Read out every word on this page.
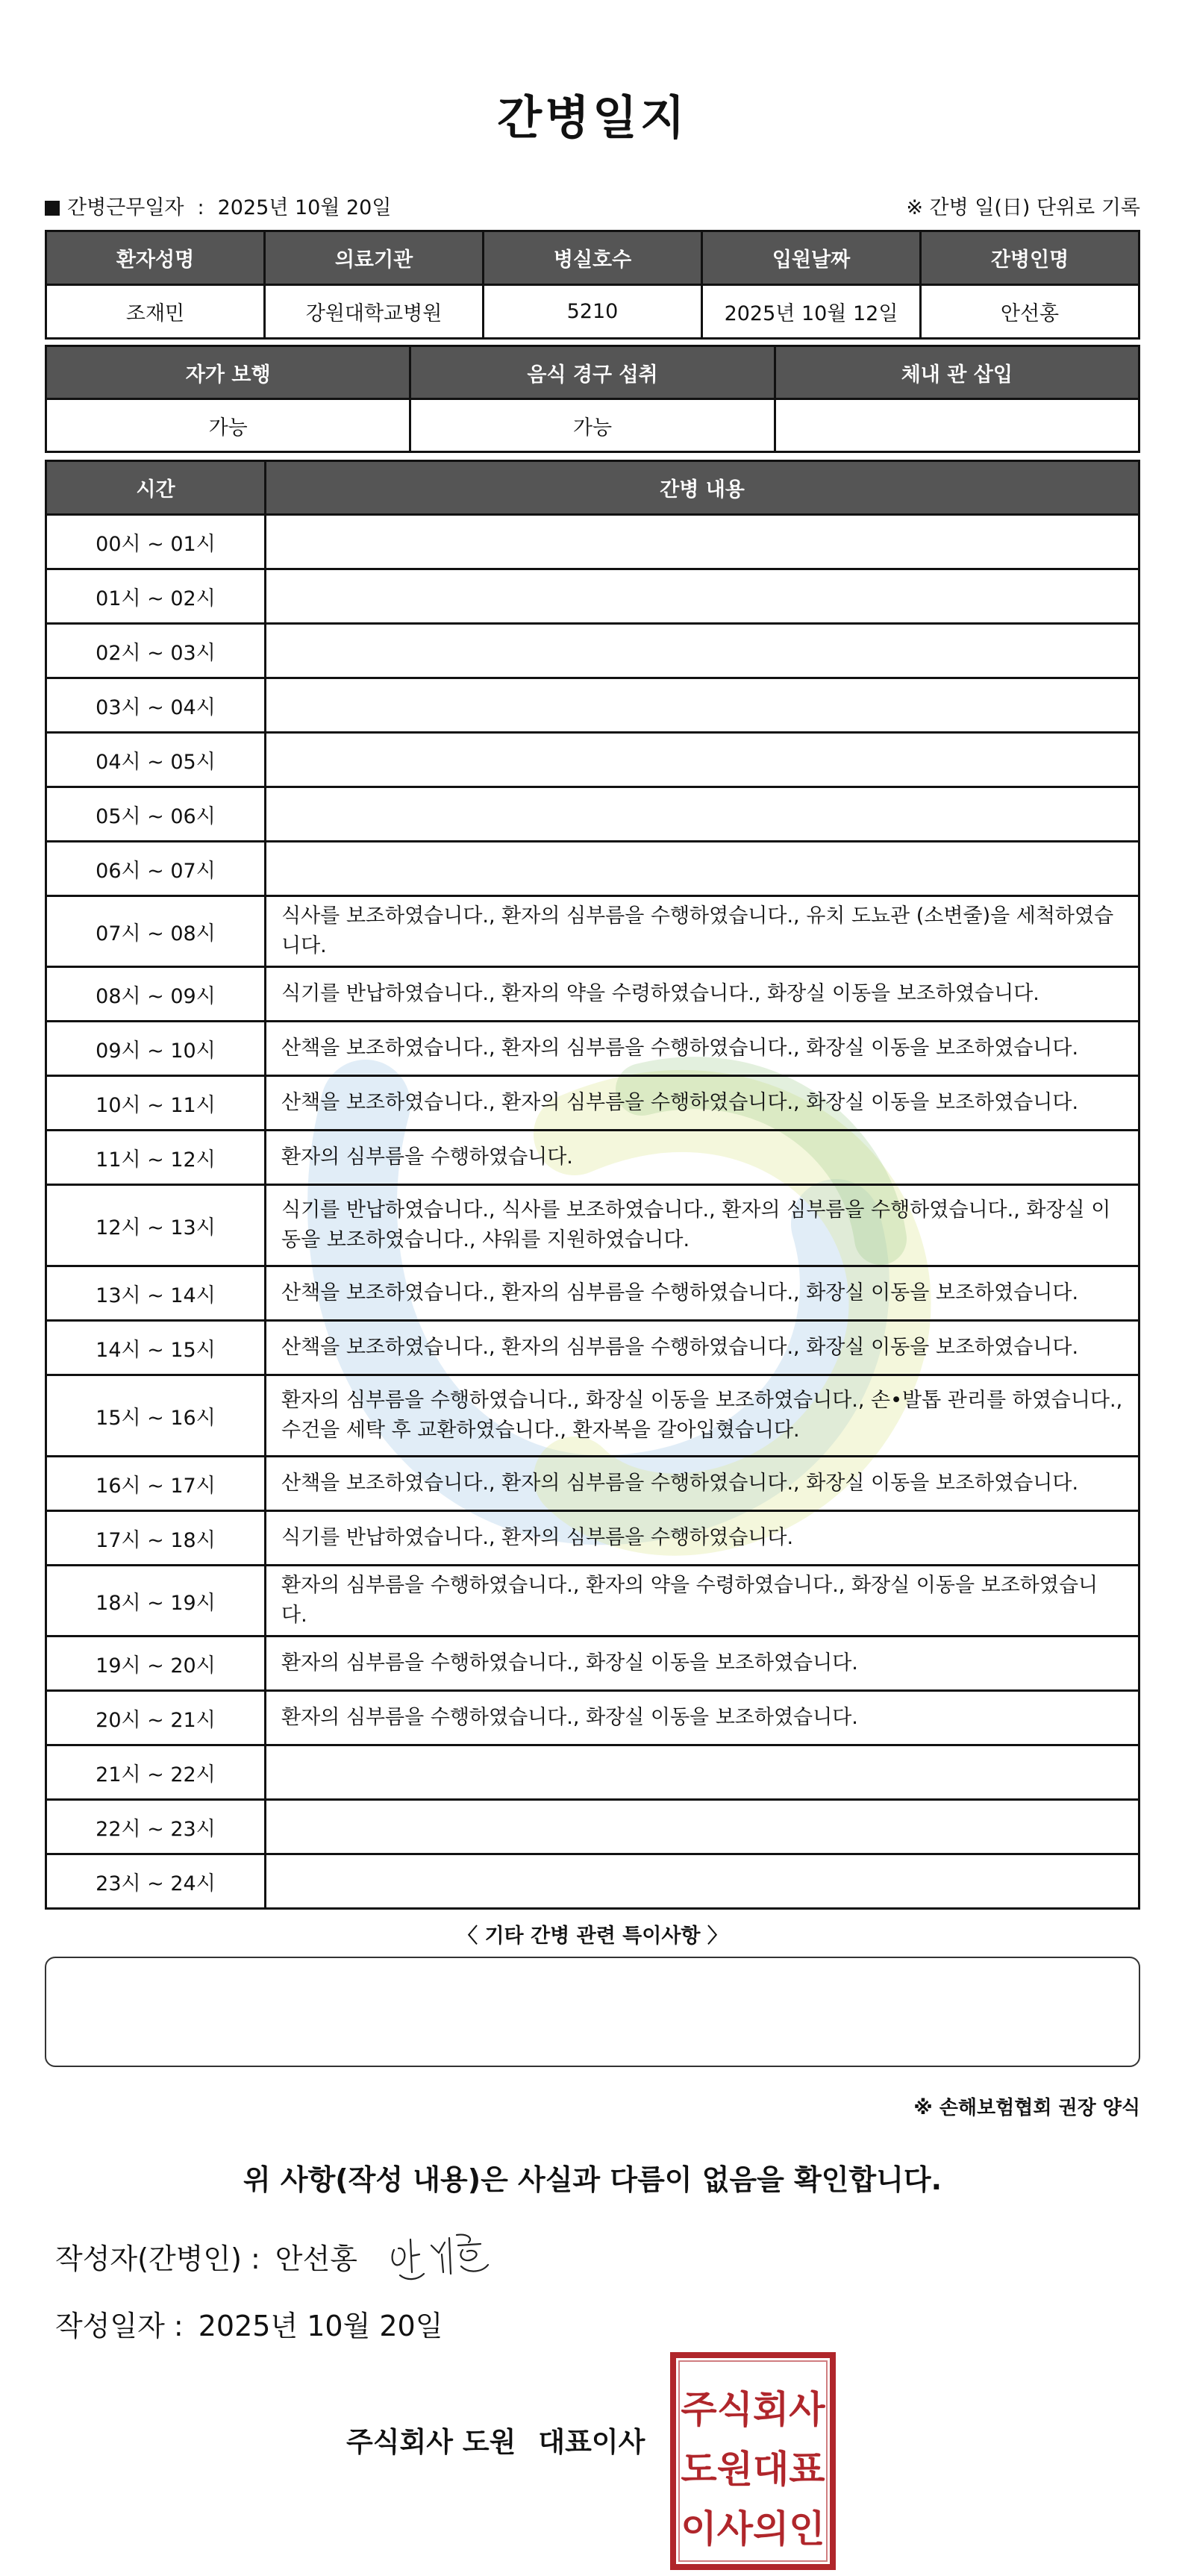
간병일지
간병근무일자 : 2025년 10월 20일	※ 간병 일(日) 단위로 기록
환자성명	의료기관	병실호수	입원날짜	간병인명
조재민	강원대학교병원	5210	2025년 10월 12일	안선홍
자가 보행	음식 경구 섭취	체내 관 삽입
가능	가능	
시간	간병 내용
00시 ~ 01시	
01시 ~ 02시	
02시 ~ 03시	
03시 ~ 04시	
04시 ~ 05시	
05시 ~ 06시	
06시 ~ 07시	
07시 ~ 08시	식사를 보조하였습니다., 환자의 심부름을 수행하였습니다., 유치 도뇨관 (소변줄)을 세척하였습니다.
08시 ~ 09시	식기를 반납하였습니다., 환자의 약을 수령하였습니다., 화장실 이동을 보조하였습니다.
09시 ~ 10시	산책을 보조하였습니다., 환자의 심부름을 수행하였습니다., 화장실 이동을 보조하였습니다.
10시 ~ 11시	산책을 보조하였습니다., 환자의 심부름을 수행하였습니다., 화장실 이동을 보조하였습니다.
11시 ~ 12시	환자의 심부름을 수행하였습니다.
12시 ~ 13시	식기를 반납하였습니다., 식사를 보조하였습니다., 환자의 심부름을 수행하였습니다., 화장실 이동을 보조하였습니다., 샤워를 지원하였습니다.
13시 ~ 14시	산책을 보조하였습니다., 환자의 심부름을 수행하였습니다., 화장실 이동을 보조하였습니다.
14시 ~ 15시	산책을 보조하였습니다., 환자의 심부름을 수행하였습니다., 화장실 이동을 보조하였습니다.
15시 ~ 16시	환자의 심부름을 수행하였습니다., 화장실 이동을 보조하였습니다., 손•발톱 관리를 하였습니다., 수건을 세탁 후 교환하였습니다., 환자복을 갈아입혔습니다.
16시 ~ 17시	산책을 보조하였습니다., 환자의 심부름을 수행하였습니다., 화장실 이동을 보조하였습니다.
17시 ~ 18시	식기를 반납하였습니다., 환자의 심부름을 수행하였습니다.
18시 ~ 19시	환자의 심부름을 수행하였습니다., 환자의 약을 수령하였습니다., 화장실 이동을 보조하였습니다.
19시 ~ 20시	환자의 심부름을 수행하였습니다., 화장실 이동을 보조하였습니다.
20시 ~ 21시	환자의 심부름을 수행하였습니다., 화장실 이동을 보조하였습니다.
21시 ~ 22시	
22시 ~ 23시	
23시 ~ 24시	
〈 기타 간병 관련 특이사항 〉
※ 손해보험협회 권장 양식
위 사항(작성 내용)은 사실과 다름이 없음을 확인합니다.
작성자(간병인) : 안선홍
작성일자 : 2025년 10월 20일
주식회사 도원 대표이사
주식회사
도원대표
이사의인
